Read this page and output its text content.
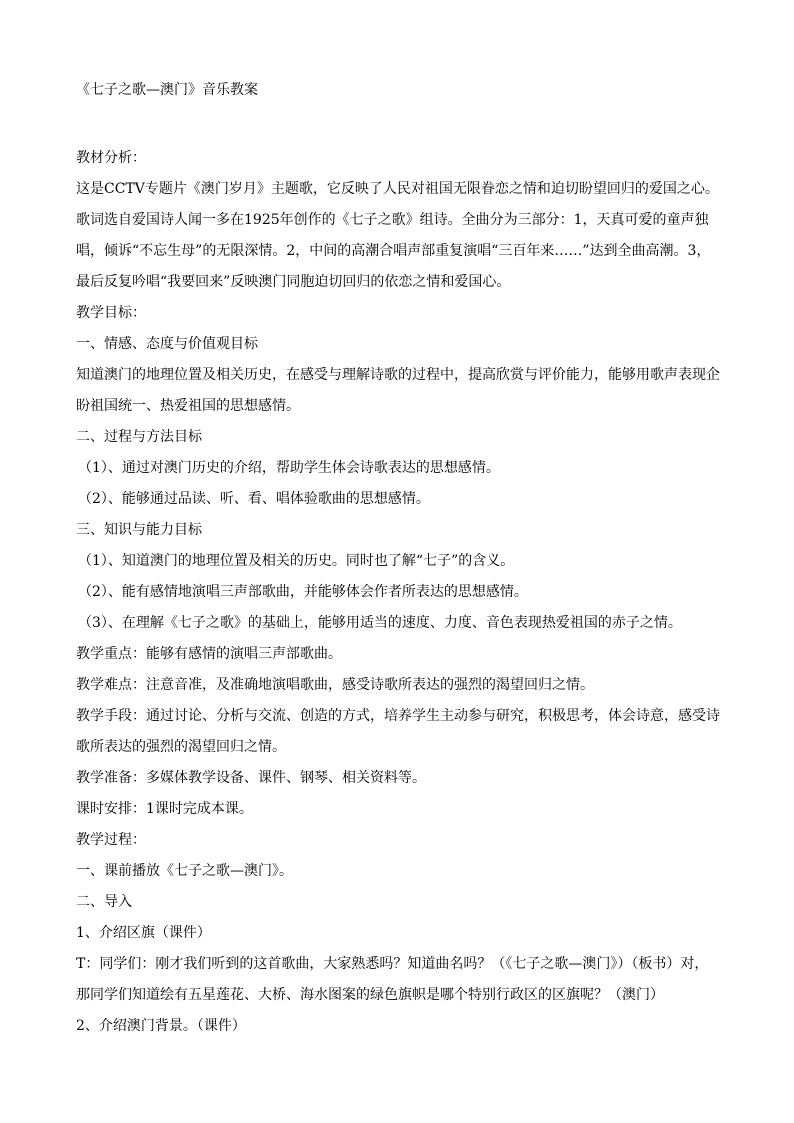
《七子之歌—澳门》音乐教案

教材分析：

这是CCTV专题片《澳门岁月》主题歌，它反映了人民对祖国无限眷恋之情和迫切盼望回归的爱国之心。歌词选自爱国诗人闻一多在1925年创作的《七子之歌》组诗。全曲分为三部分：1，天真可爱的童声独唱，倾诉“不忘生母”的无限深情。2，中间的高潮合唱声部重复演唱“三百年来……”达到全曲高潮。3，最后反复吟唱“我要回来”反映澳门同胞迫切回归的依恋之情和爱国心。

教学目标：

一、情感、态度与价值观目标

知道澳门的地理位置及相关历史，在感受与理解诗歌的过程中，提高欣赏与评价能力，能够用歌声表现企盼祖国统一、热爱祖国的思想感情。

二、过程与方法目标

（1）、通过对澳门历史的介绍，帮助学生体会诗歌表达的思想感情。

（2）、能够通过品读、听、看、唱体验歌曲的思想感情。

三、知识与能力目标

（1）、知道澳门的地理位置及相关的历史。同时也了解“七子”的含义。

（2）、能有感情地演唱三声部歌曲，并能够体会作者所表达的思想感情。

（3）、在理解《七子之歌》的基础上，能够用适当的速度、力度、音色表现热爱祖国的赤子之情。

教学重点：能够有感情的演唱三声部歌曲。

教学难点：注意音准，及准确地演唱歌曲，感受诗歌所表达的强烈的渴望回归之情。

教学手段：通过讨论、分析与交流、创造的方式，培养学生主动参与研究，积极思考，体会诗意，感受诗歌所表达的强烈的渴望回归之情。

教学准备：多媒体教学设备、课件、钢琴、相关资料等。

课时安排：1课时完成本课。

教学过程：

一、课前播放《七子之歌—澳门》。

二、导入

1、介绍区旗（课件）

T：同学们：刚才我们听到的这首歌曲，大家熟悉吗？知道曲名吗？（《七子之歌—澳门》）（板书）对，那同学们知道绘有五星莲花、大桥、海水图案的绿色旗帜是哪个特别行政区的区旗呢？（澳门）

2、介绍澳门背景。（课件）
